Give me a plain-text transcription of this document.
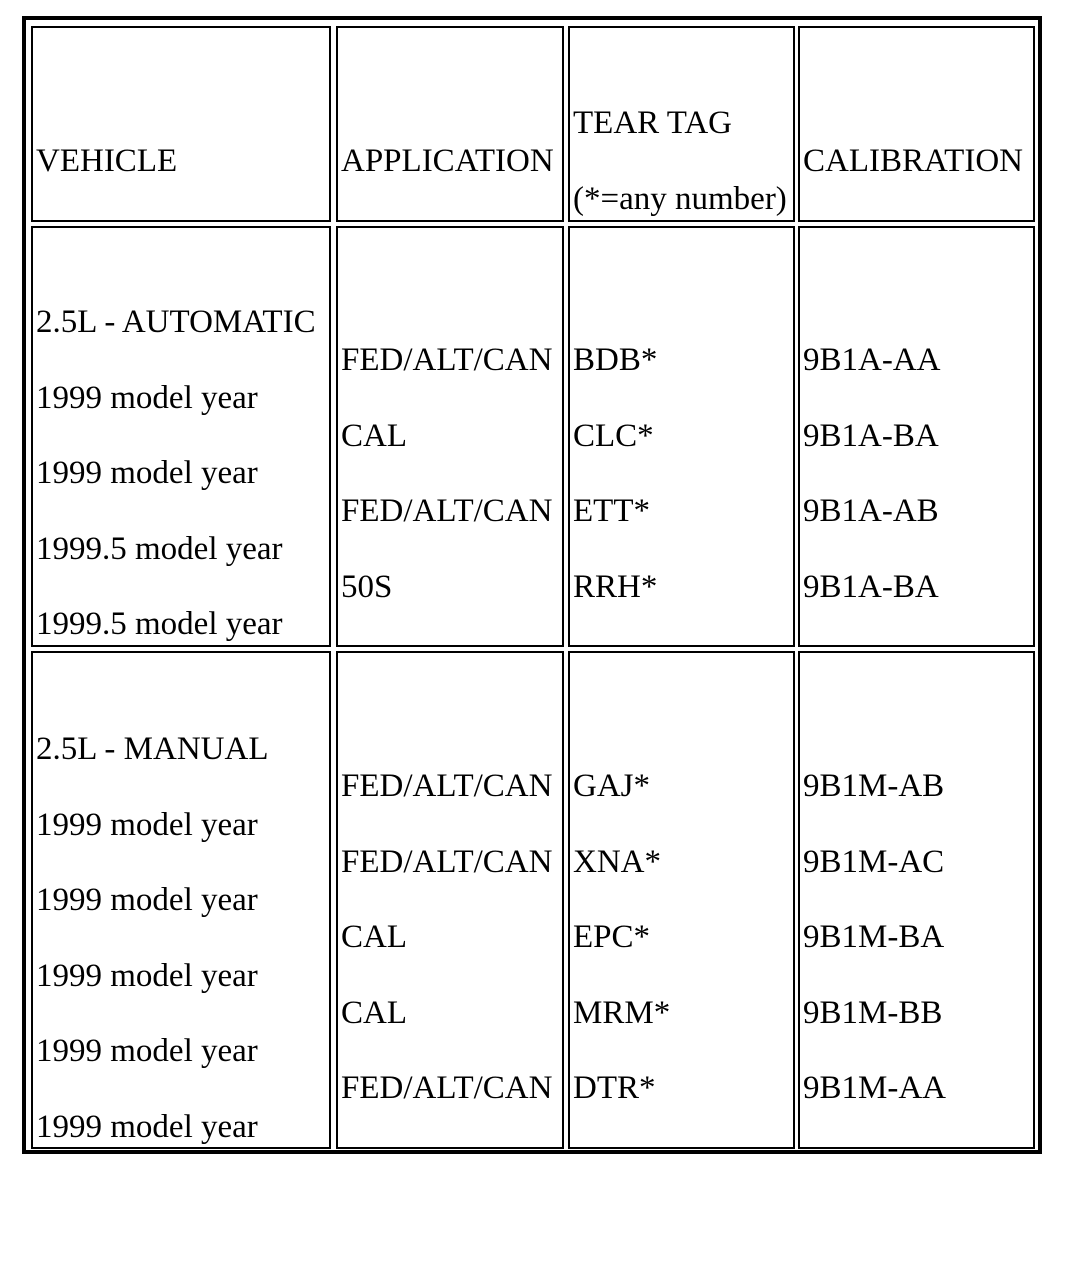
VEHICLE	APPLICATION
TEAR TAG
(*=any number)
CALIBRATION
2.5L - AUTOMATIC
1999 model year
1999 model year
1999.5 model year
1999.5 model year
FED/ALT/CAN
CAL
FED/ALT/CAN
50S
BDB*
CLC*
ETT*
RRH*
9B1A-AA
9B1A-BA
9B1A-AB
9B1A-BA
2.5L - MANUAL
1999 model year
1999 model year
1999 model year
1999 model year
1999 model year
FED/ALT/CAN
FED/ALT/CAN
CAL
CAL
FED/ALT/CAN
GAJ*
XNA*
EPC*
MRM*
DTR*
9B1M-AB
9B1M-AC
9B1M-BA
9B1M-BB
9B1M-AA
